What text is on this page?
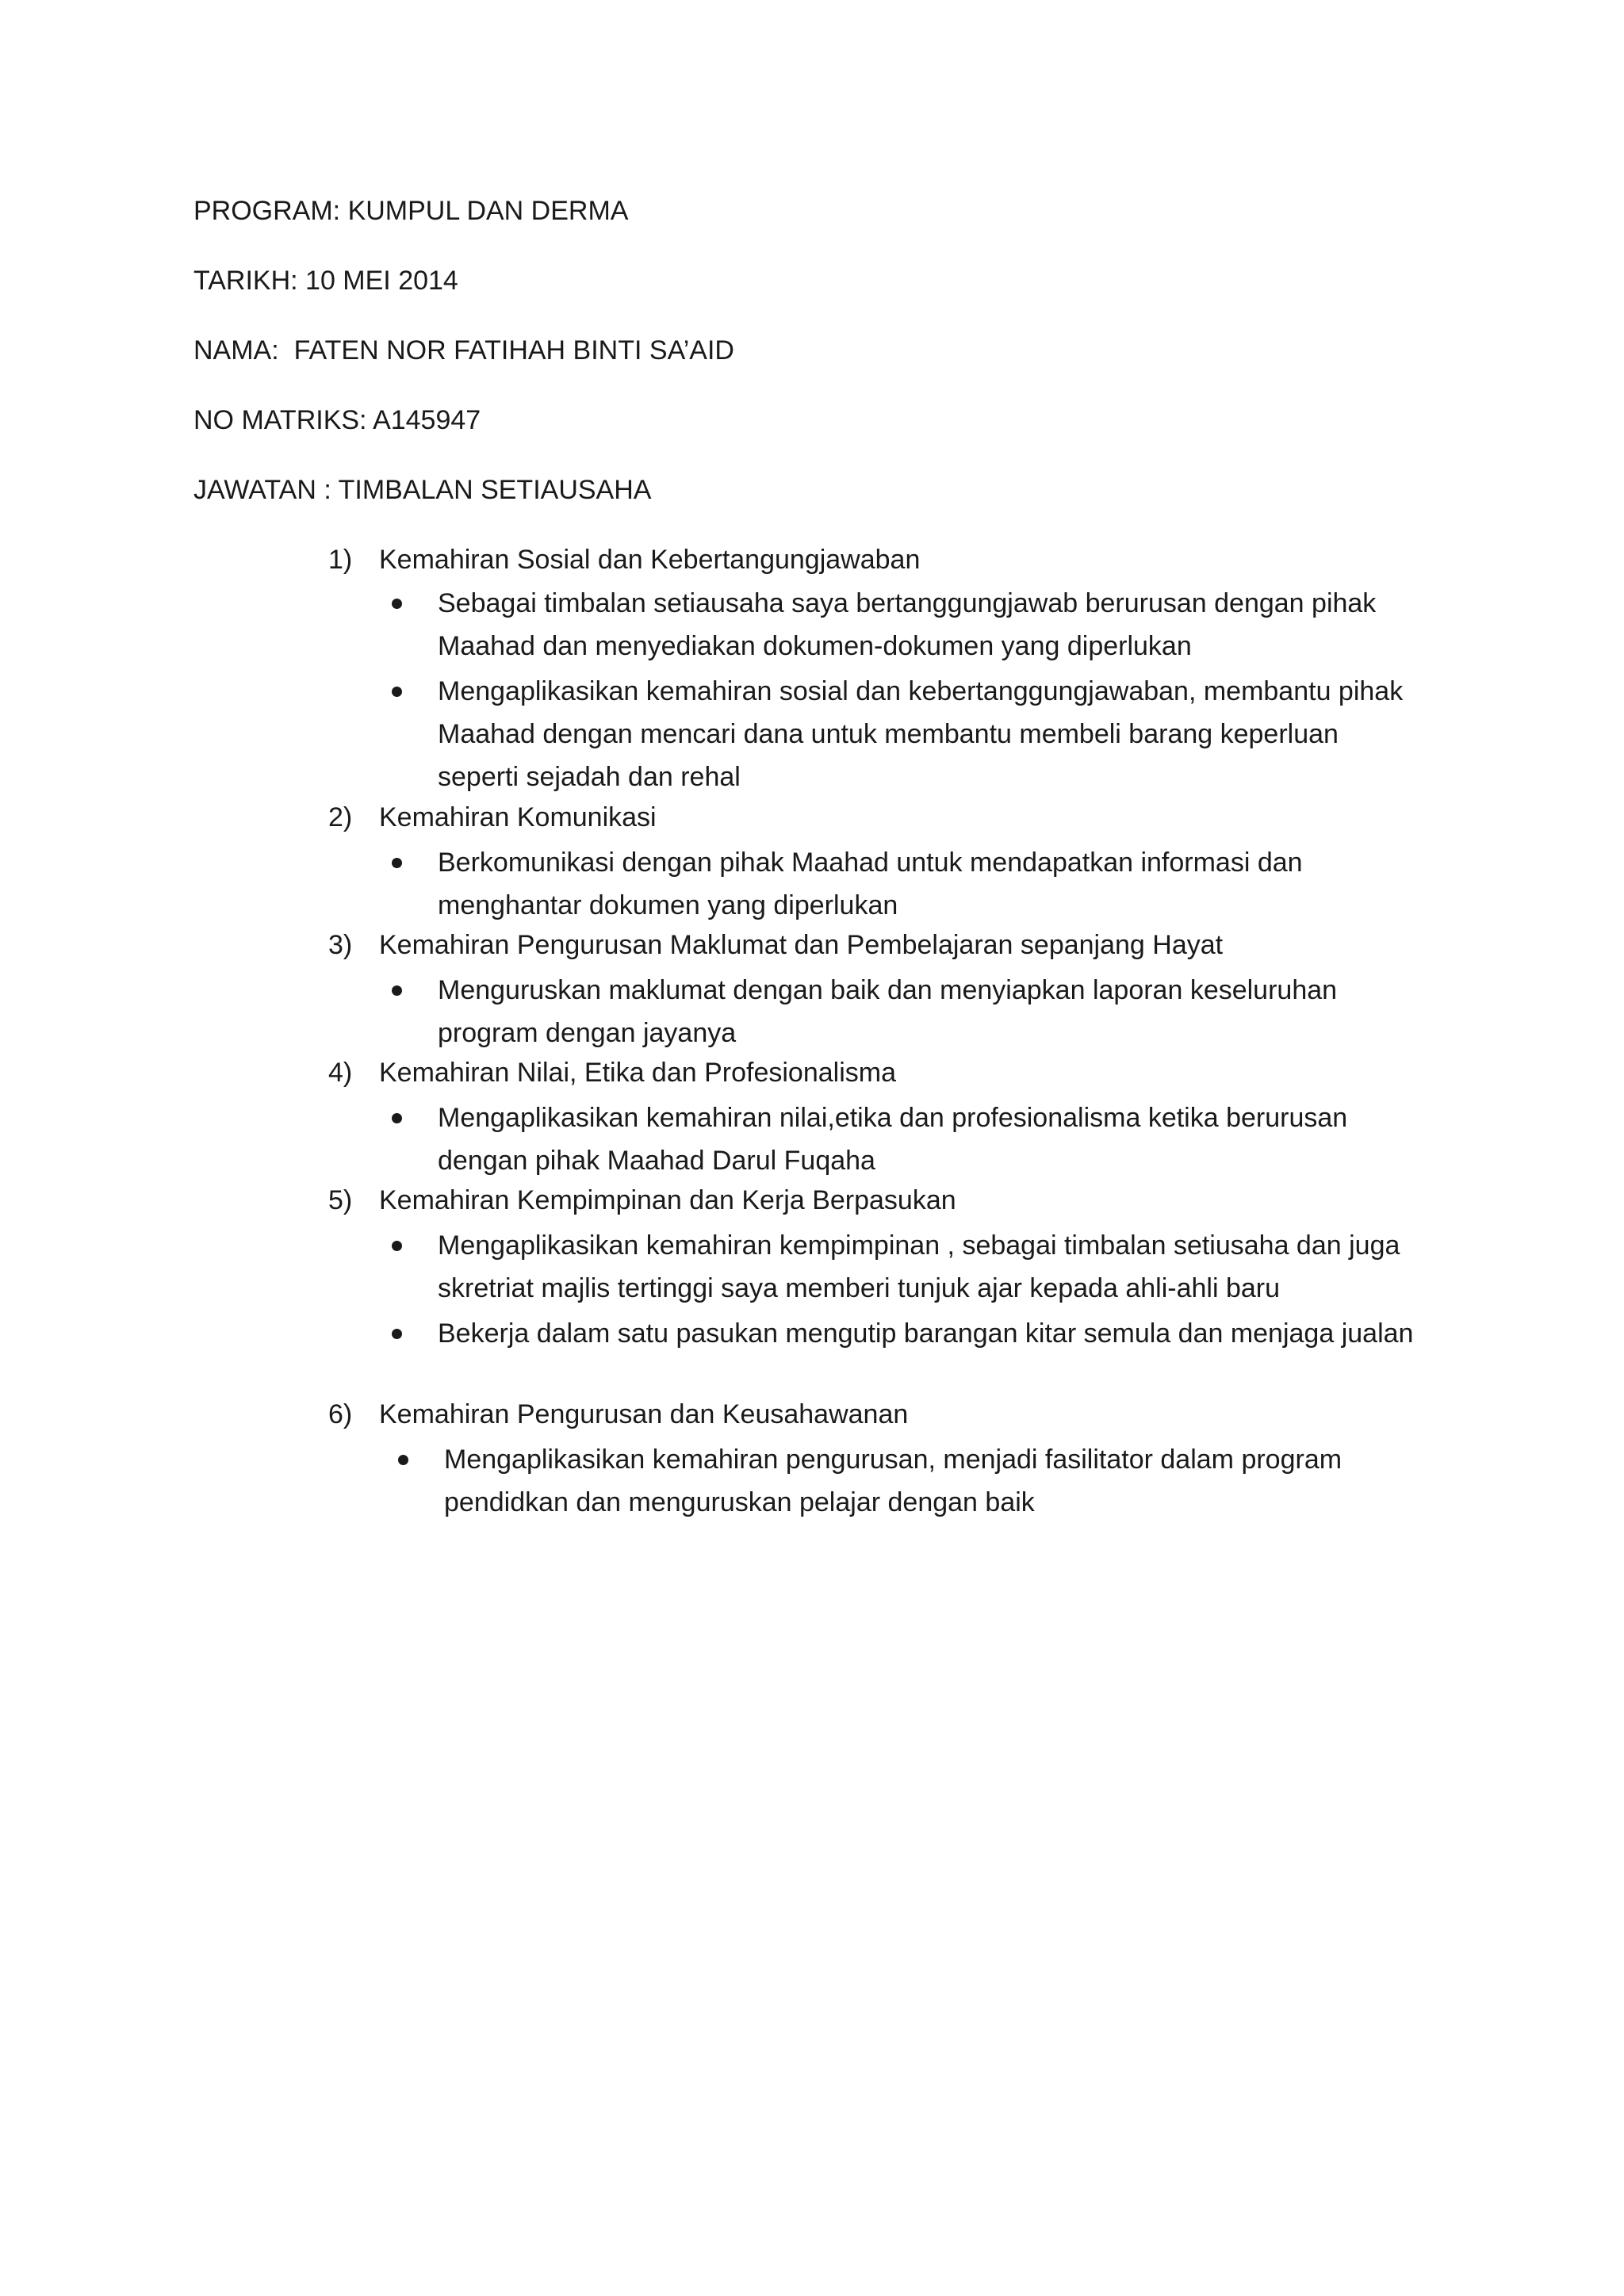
PROGRAM: KUMPUL DAN DERMA
TARIKH: 10 MEI 2014
NAMA:  FATEN NOR FATIHAH BINTI SA’AID
NO MATRIKS: A145947
JAWATAN : TIMBALAN SETIAUSAHA
1) Kemahiran Sosial dan Kebertangungjawaban
Sebagai timbalan setiausaha saya bertanggungjawab berurusan dengan pihak
Maahad dan menyediakan dokumen-dokumen yang diperlukan
Mengaplikasikan kemahiran sosial dan kebertanggungjawaban, membantu pihak
Maahad dengan mencari dana untuk membantu membeli barang keperluan
seperti sejadah dan rehal
2) Kemahiran Komunikasi
Berkomunikasi dengan pihak Maahad untuk mendapatkan informasi dan
menghantar dokumen yang diperlukan
3) Kemahiran Pengurusan Maklumat dan Pembelajaran sepanjang Hayat
Menguruskan maklumat dengan baik dan menyiapkan laporan keseluruhan
program dengan jayanya
4) Kemahiran Nilai, Etika dan Profesionalisma
Mengaplikasikan kemahiran nilai,etika dan profesionalisma ketika berurusan
dengan pihak Maahad Darul Fuqaha
5) Kemahiran Kempimpinan dan Kerja Berpasukan
Mengaplikasikan kemahiran kempimpinan , sebagai timbalan setiusaha dan juga
skretriat majlis tertinggi saya memberi tunjuk ajar kepada ahli-ahli baru
Bekerja dalam satu pasukan mengutip barangan kitar semula dan menjaga jualan
6) Kemahiran Pengurusan dan Keusahawanan
Mengaplikasikan kemahiran pengurusan, menjadi fasilitator dalam program
pendidkan dan menguruskan pelajar dengan baik
